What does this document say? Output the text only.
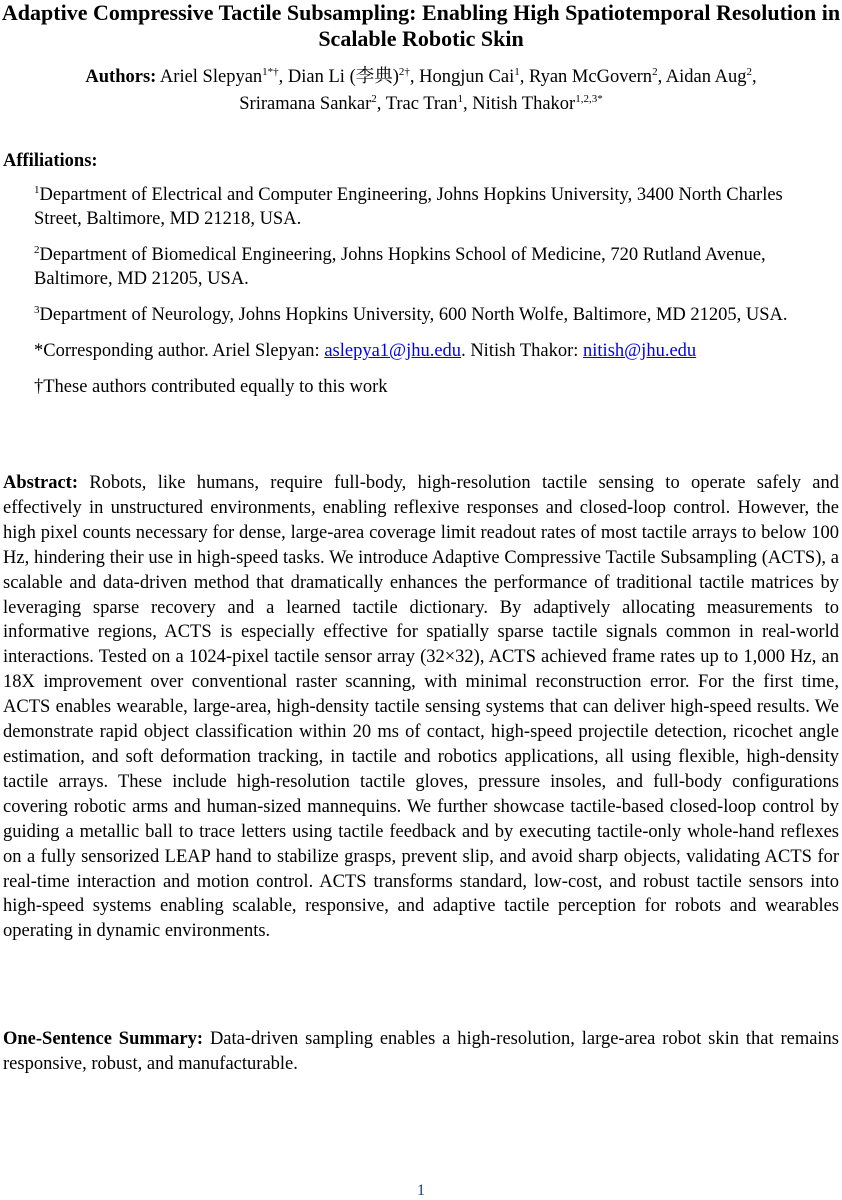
Adaptive Compressive Tactile Subsampling: Enabling High Spatiotemporal Resolution in Scalable Robotic Skin

Authors: Ariel Slepyan$^{1*\dagger}$, Dian Li (李典)$^{2\dagger}$, Hongjun Cai$^1$, Ryan McGovern$^2$, Aidan Aug$^2$,
Sriramana Sankar$^2$, Trac Tran$^1$, Nitish Thakor$^{1,2,3*}$

Affiliations:

$^1$Department of Electrical and Computer Engineering, Johns Hopkins University, 3400 North Charles Street, Baltimore, MD 21218, USA.
$^2$Department of Biomedical Engineering, Johns Hopkins School of Medicine, 720 Rutland Avenue, Baltimore, MD 21205, USA.
$^3$Department of Neurology, Johns Hopkins University, 600 North Wolfe, Baltimore, MD 21205, USA.
*Corresponding author. Ariel Slepyan: aslepya1@jhu.edu. Nitish Thakor: nitish@jhu.edu
†These authors contributed equally to this work

Abstract: Robots, like humans, require full-body, high-resolution tactile sensing to operate safely and effectively in unstructured environments, enabling reflexive responses and closed-loop control. However, the high pixel counts necessary for dense, large-area coverage limit readout rates of most tactile arrays to below 100 Hz, hindering their use in high-speed tasks. We introduce Adaptive Compressive Tactile Subsampling (ACTS), a scalable and data-driven method that dramatically enhances the performance of traditional tactile matrices by leveraging sparse recovery and a learned tactile dictionary. By adaptively allocating measurements to informative regions, ACTS is especially effective for spatially sparse tactile signals common in real-world interactions. Tested on a 1024-pixel tactile sensor array (32×32), ACTS achieved frame rates up to 1,000 Hz, an 18X improvement over conventional raster scanning, with minimal reconstruction error. For the first time, ACTS enables wearable, large-area, high-density tactile sensing systems that can deliver high-speed results. We demonstrate rapid object classification within 20 ms of contact, high-speed projectile detection, ricochet angle estimation, and soft deformation tracking, in tactile and robotics applications, all using flexible, high-density tactile arrays. These include high-resolution tactile gloves, pressure insoles, and full-body configurations covering robotic arms and human-sized mannequins. We further showcase tactile-based closed-loop control by guiding a metallic ball to trace letters using tactile feedback and by executing tactile-only whole-hand reflexes on a fully sensorized LEAP hand to stabilize grasps, prevent slip, and avoid sharp objects, validating ACTS for real-time interaction and motion control. ACTS transforms standard, low-cost, and robust tactile sensors into high-speed systems enabling scalable, responsive, and adaptive tactile perception for robots and wearables operating in dynamic environments.

One-Sentence Summary: Data-driven sampling enables a high-resolution, large-area robot skin that remains responsive, robust, and manufacturable.

1
